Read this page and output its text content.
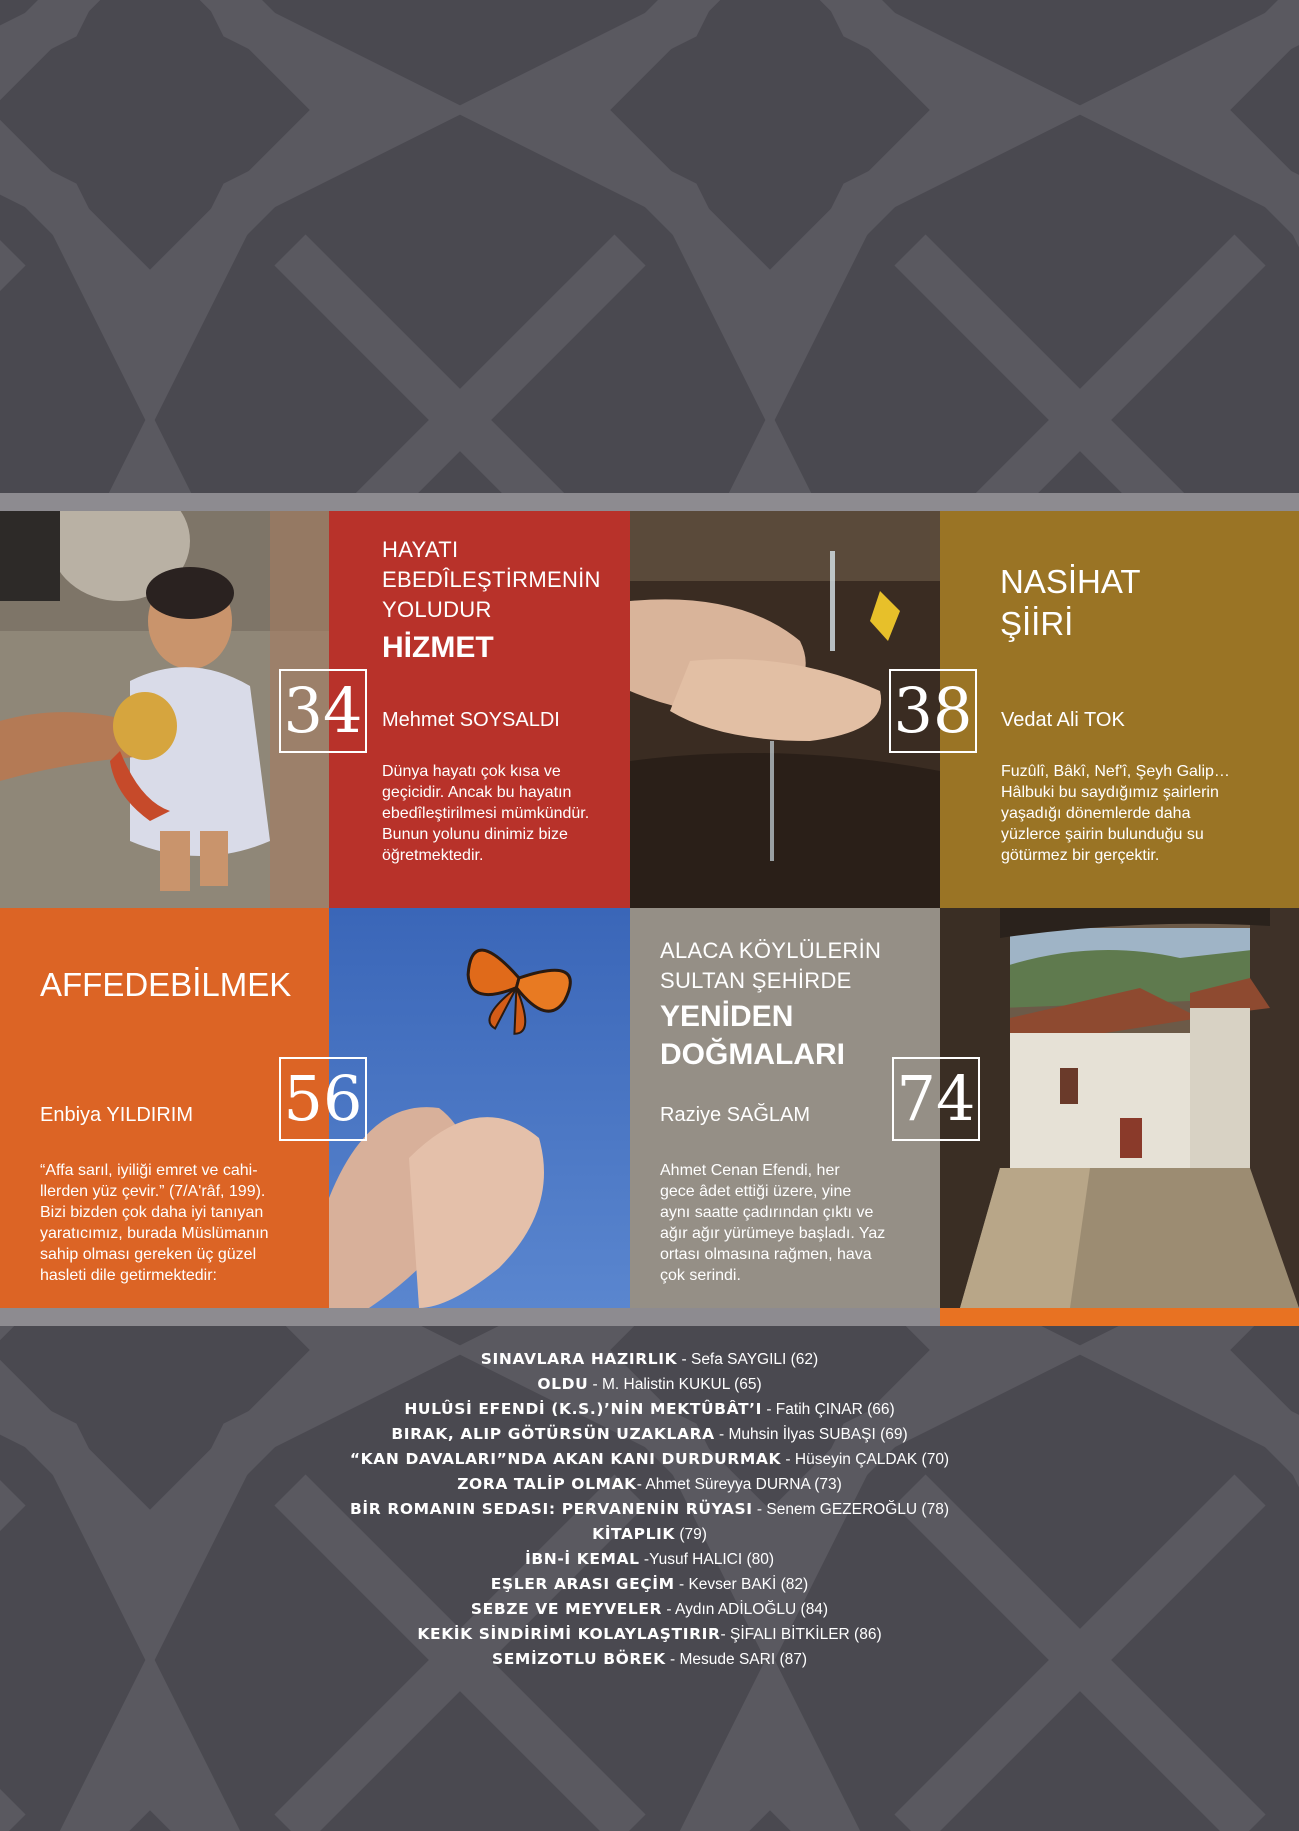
HAYATI
EBEDÎLEŞTİRMENİN
YOLUDUR
HİZMET
Mehmet SOYSALDI
Dünya hayatı çok kısa ve
geçicidir. Ancak bu hayatın
ebedîleştirilmesi mümkündür.
Bunun yolunu dinimiz bize
öğretmektedir.
NASİHAT
ŞİİRİ
Vedat Ali TOK
Fuzûlî, Bâkî, Nef'î, Şeyh Galip…
Hâlbuki bu saydığımız şairlerin
yaşadığı dönemlerde daha
yüzlerce şairin bulunduğu su
götürmez bir gerçektir.
AFFEDEBİLMEK
Enbiya YILDIRIM
“Affa sarıl, iyiliği emret ve cahi-
llerden yüz çevir.” (7/A'râf, 199).
Bizi bizden çok daha iyi tanıyan
yaratıcımız, burada Müslümanın
sahip olması gereken üç güzel
hasleti dile getirmektedir:
ALACA KÖYLÜLERİN
SULTAN ŞEHİRDE
YENİDEN
DOĞMALARI
Raziye SAĞLAM
Ahmet Cenan Efendi, her
gece âdet ettiği üzere, yine
aynı saatte çadırından çıktı ve
ağır ağır yürümeye başladı. Yaz
ortası olmasına rağmen, hava
çok serindi.
34	38
56	74
SINAVLARA HAZIRLIK - Sefa SAYGILI (62)
OLDU - M. Halistin KUKUL (65)
HULÛSİ EFENDİ (K.S.)’NİN MEKTÛBÂT’I - Fatih ÇINAR (66)
BIRAK, ALIP GÖTÜRSÜN UZAKLARA - Muhsin İlyas SUBAŞI (69)
“KAN DAVALARI”NDA AKAN KANI DURDURMAK - Hüseyin ÇALDAK (70)
ZORA TALİP OLMAK- Ahmet Süreyya DURNA (73)
BİR ROMANIN SEDASI: PERVANENİN RÜYASI - Senem GEZEROĞLU (78)
KİTAPLIK (79)
İBN-İ KEMAL -Yusuf HALICI (80)
EŞLER ARASI GEÇİM - Kevser BAKİ (82)
SEBZE VE MEYVELER - Aydın ADİLOĞLU (84)
KEKİK SİNDİRİMİ KOLAYLAŞTIRIR- ŞİFALI BİTKİLER (86)
SEMİZOTLU BÖREK - Mesude SARI (87)
